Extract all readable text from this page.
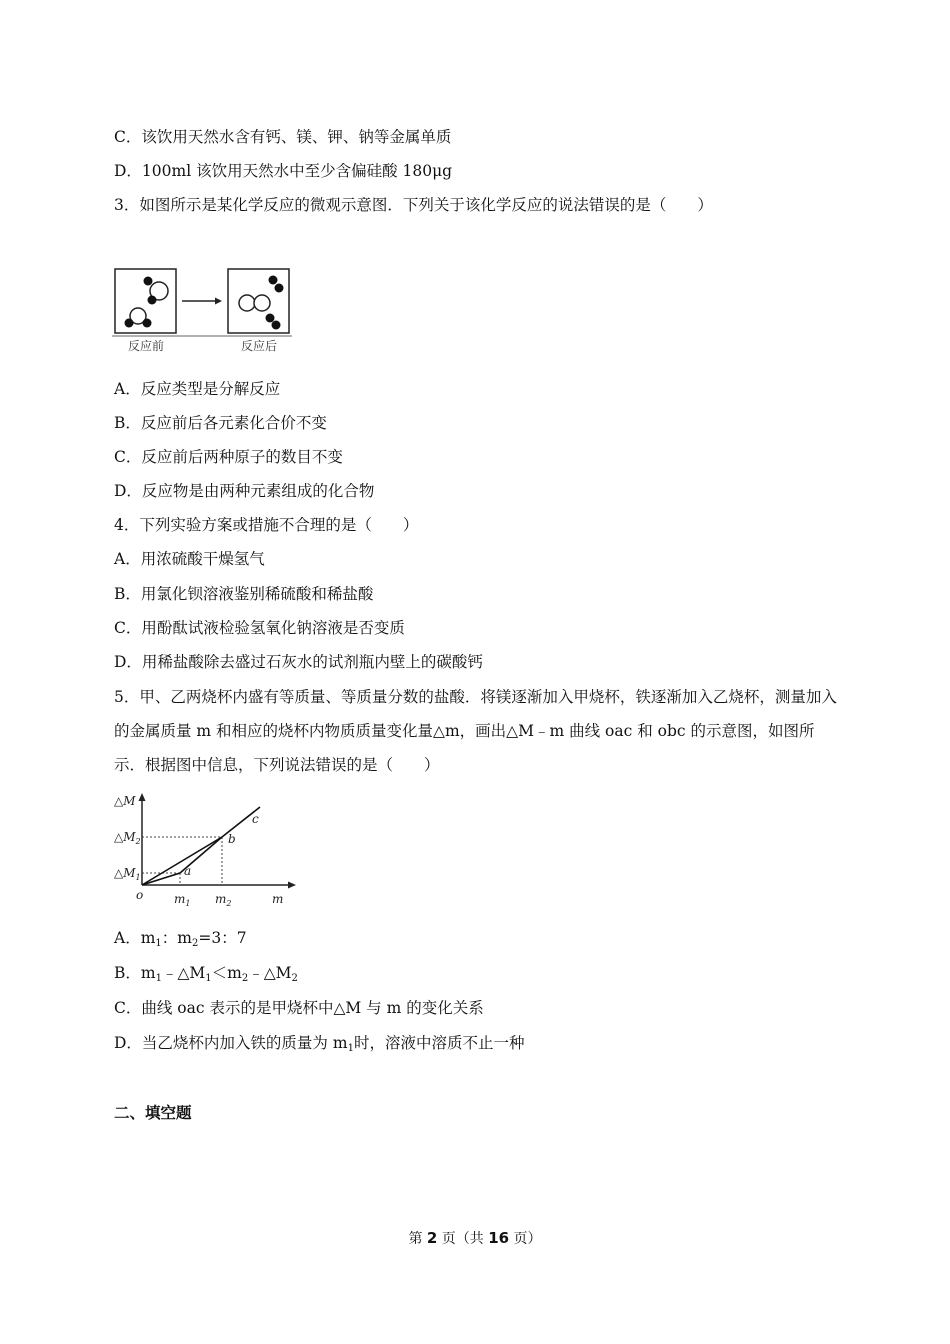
C．该饮用天然水含有钙、镁、钾、钠等金属单质
D．100ml 该饮用天然水中至少含偏硅酸 180μg
3．如图所示是某化学反应的微观示意图．下列关于该化学反应的说法错误的是（　　）
反应前	反应后
A．反应类型是分解反应
B．反应前后各元素化合价不变
C．反应前后两种原子的数目不变
D．反应物是由两种元素组成的化合物
4．下列实验方案或措施不合理的是（　　）
A．用浓硫酸干燥氢气
B．用氯化钡溶液鉴别稀硫酸和稀盐酸
C．用酚酞试液检验氢氧化钠溶液是否变质
D．用稀盐酸除去盛过石灰水的试剂瓶内壁上的碳酸钙
5．甲、乙两烧杯内盛有等质量、等质量分数的盐酸．将镁逐渐加入甲烧杯，铁逐渐加入乙烧杯，测量加入的金属质量 m 和相应的烧杯内物质质量变化量△m，画出△M﹣m 曲线 oac 和 obc 的示意图，如图所示．根据图中信息，下列说法错误的是（　　）
△M
m
o
$\triangle M_2$
$\triangle M_1$
$m_1$ $m_2$
a
b
c
A．$m_1$：$m_2=3$：7
B．$m_1﹣\triangle M_1<m_2﹣\triangle M_2$
C．曲线 oac 表示的是甲烧杯中△M 与 m 的变化关系
D．当乙烧杯内加入铁的质量为 $m_1$时，溶液中溶质不止一种
二、填空题
第 2 页（共 16 页）
